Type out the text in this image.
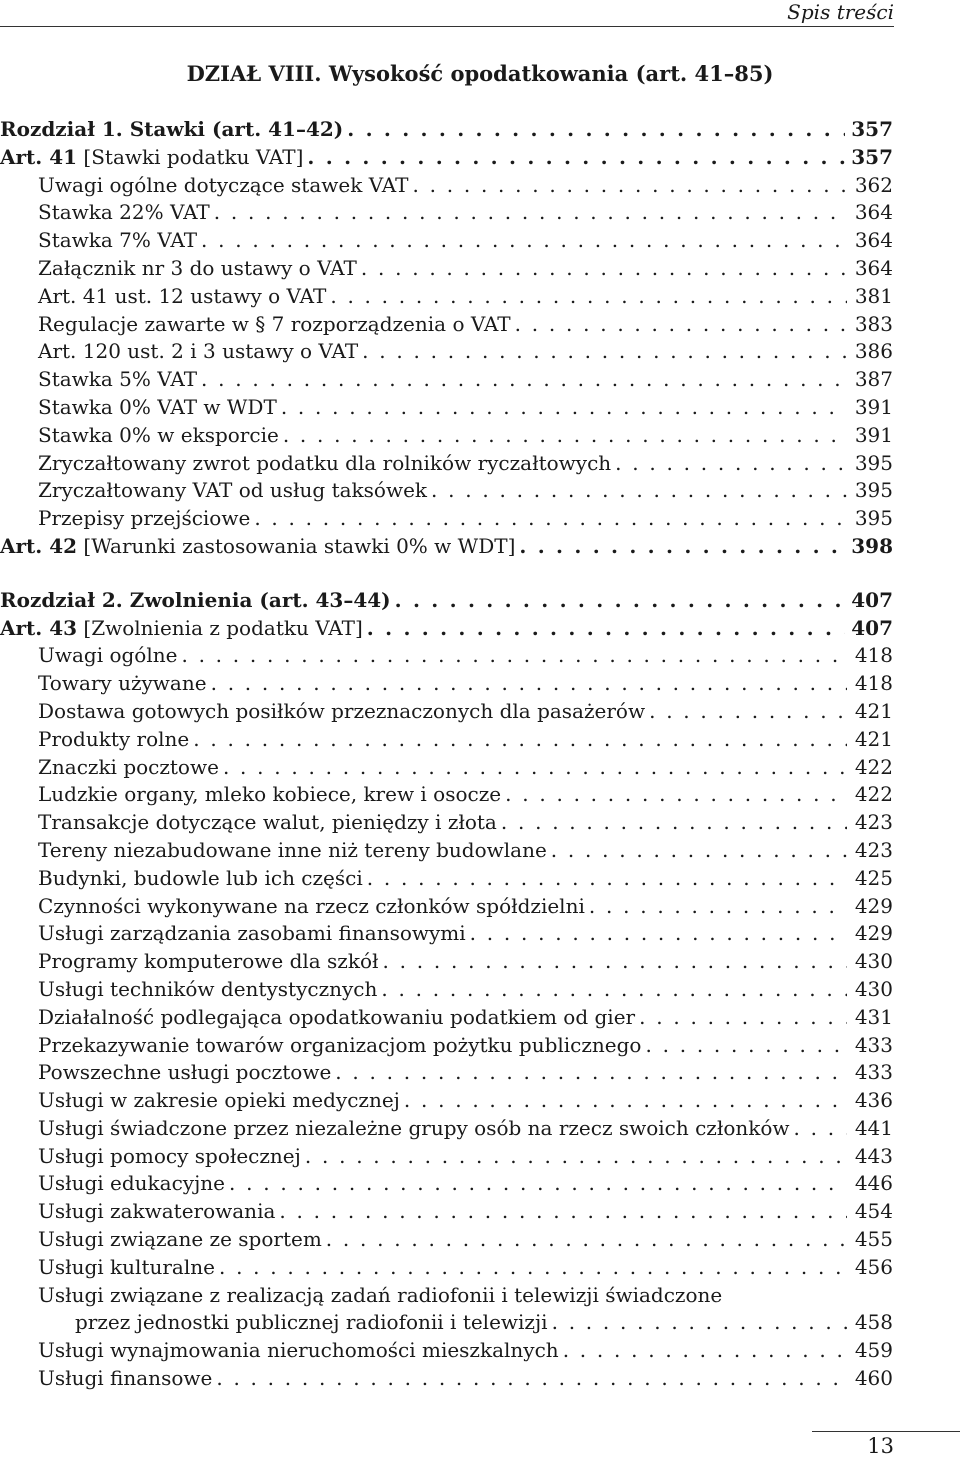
Spis treści
DZIAŁ VIII. Wysokość opodatkowania (art. 41–85)
Rozdział 1. Stawki (art. 41–42) . . .	357
Art. 41 [Stawki podatku VAT] . . .	357
Uwagi ogólne dotyczące stawek VAT . . .	362
Stawka 22% VAT . . .	364
Stawka 7% VAT . . .	364
Załącznik nr 3 do ustawy o VAT . . .	364
Art. 41 ust. 12 ustawy o VAT . . .	381
Regulacje zawarte w § 7 rozporządzenia o VAT . . .	383
Art. 120 ust. 2 i 3 ustawy o VAT . . .	386
Stawka 5% VAT . . .	387
Stawka 0% VAT w WDT . . .	391
Stawka 0% w eksporcie . . .	391
Zryczałtowany zwrot podatku dla rolników ryczałtowych . . .	395
Zryczałtowany VAT od usług taksówek . . .	395
Przepisy przejściowe . . .	395
Art. 42 [Warunki zastosowania stawki 0% w WDT] . . .	398
Rozdział 2. Zwolnienia (art. 43–44) . . .	407
Art. 43 [Zwolnienia z podatku VAT] . . .	407
Uwagi ogólne . . .	418
Towary używane . . .	418
Dostawa gotowych posiłków przeznaczonych dla pasażerów . . .	421
Produkty rolne . . .	421
Znaczki pocztowe . . .	422
Ludzkie organy, mleko kobiece, krew i osocze . . .	422
Transakcje dotyczące walut, pieniędzy i złota . . .	423
Tereny niezabudowane inne niż tereny budowlane . . .	423
Budynki, budowle lub ich części . . .	425
Czynności wykonywane na rzecz członków spółdzielni . . .	429
Usługi zarządzania zasobami finansowymi . . .	429
Programy komputerowe dla szkół . . .	430
Usługi techników dentystycznych . . .	430
Działalność podlegająca opodatkowaniu podatkiem od gier . . .	431
Przekazywanie towarów organizacjom pożytku publicznego . . .	433
Powszechne usługi pocztowe . . .	433
Usługi w zakresie opieki medycznej . . .	436
Usługi świadczone przez niezależne grupy osób na rzecz swoich członków . . .	441
Usługi pomocy społecznej . . .	443
Usługi edukacyjne . . .	446
Usługi zakwaterowania . . .	454
Usługi związane ze sportem . . .	455
Usługi kulturalne . . .	456
Usługi związane z realizacją zadań radiofonii i telewizji świadczone
przez jednostki publicznej radiofonii i telewizji . . .	458
Usługi wynajmowania nieruchomości mieszkalnych . . .	459
Usługi finansowe . . .	460
13
